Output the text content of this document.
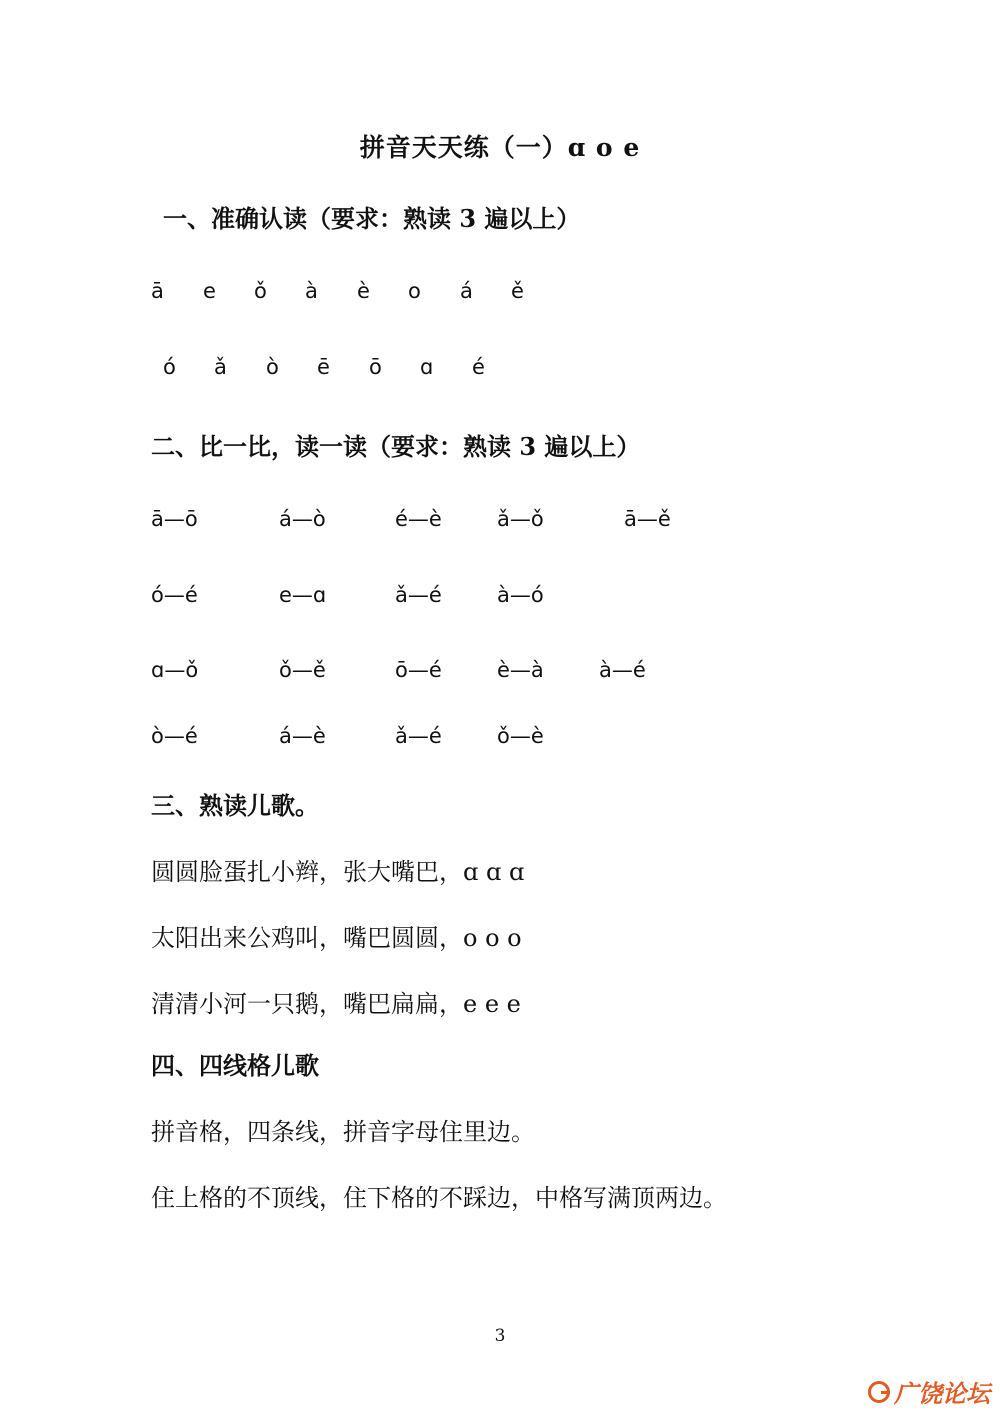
拼音天天练（一）ɑ o e
一、准确认读（要求：熟读 3 遍以上）
ā e ǒ à è o á ě
ó ǎ ò ē ō ɑ é
二、比一比，读一读（要求：熟读 3 遍以上）
ā—ō	á—ò	é—è	ǎ—ǒ	ā—ě
ó—é	e—ɑ	ǎ—é	à—ó
ɑ—ǒ	ǒ—ě	ō—é	è—à	à—é
ò—é	á—è	ǎ—é	ǒ—è
三、熟读儿歌。
圆圆脸蛋扎小辫，张大嘴巴，ɑ ɑ ɑ
太阳出来公鸡叫，嘴巴圆圆，o o o
清清小河一只鹅，嘴巴扁扁，e e e
四、四线格儿歌
拼音格，四条线，拼音字母住里边。
住上格的不顶线，住下格的不踩边，中格写满顶两边。
3
广饶论坛
